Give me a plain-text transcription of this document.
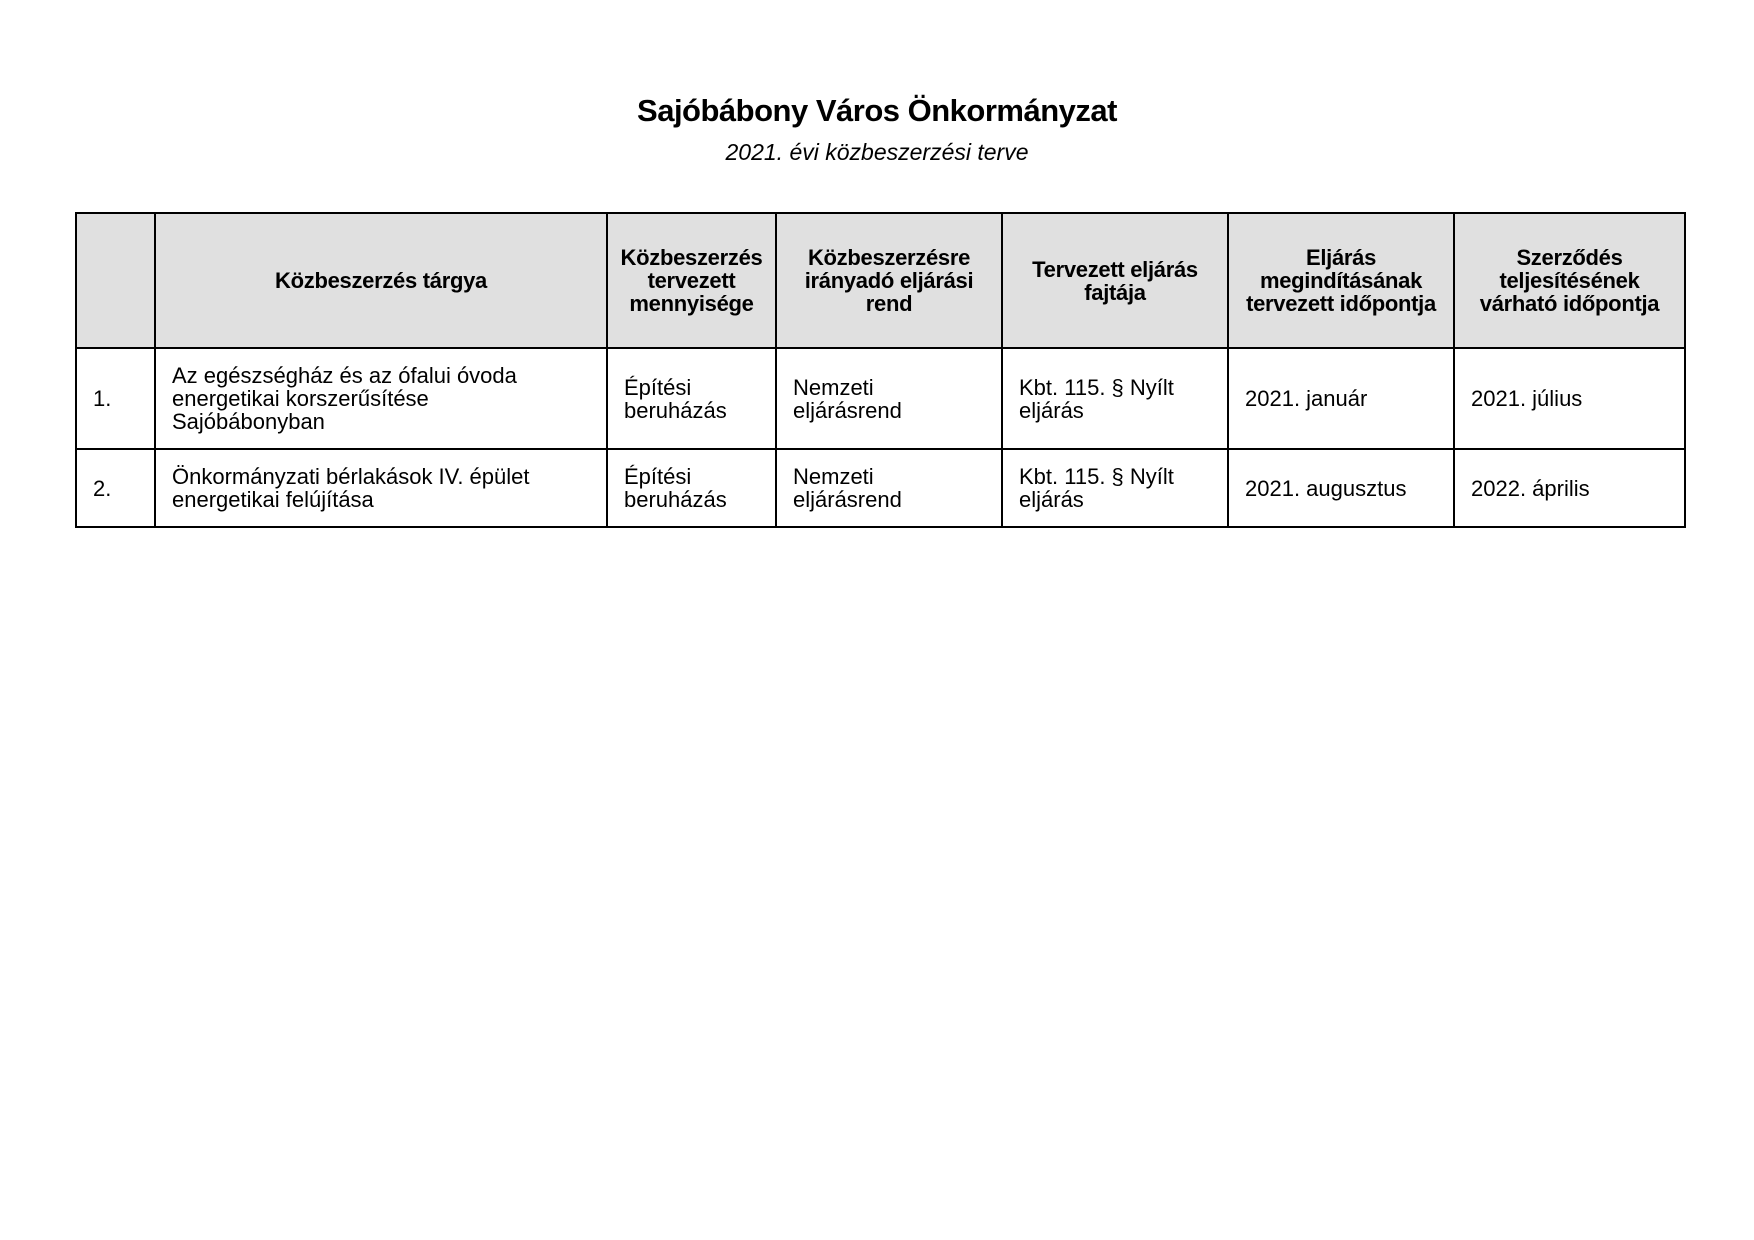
Sajóbábony Város Önkormányzat
2021. évi közbeszerzési terve
	Közbeszerzés tárgya	Közbeszerzés
tervezett
mennyisége	Közbeszerzésre
irányadó eljárási
rend	Tervezett eljárás
fajtája	Eljárás
megindításának
tervezett időpontja	Szerződés
teljesítésének
várható időpontja
1.	Az egészségház és az ófalui óvoda
energetikai korszerűsítése
Sajóbábonyban	Építési
beruházás	Nemzeti
eljárásrend	Kbt. 115. § Nyílt
eljárás	2021. január	2021. július
2.	Önkormányzati bérlakások IV. épület
energetikai felújítása	Építési
beruházás	Nemzeti
eljárásrend	Kbt. 115. § Nyílt
eljárás	2021. augusztus	2022. április
